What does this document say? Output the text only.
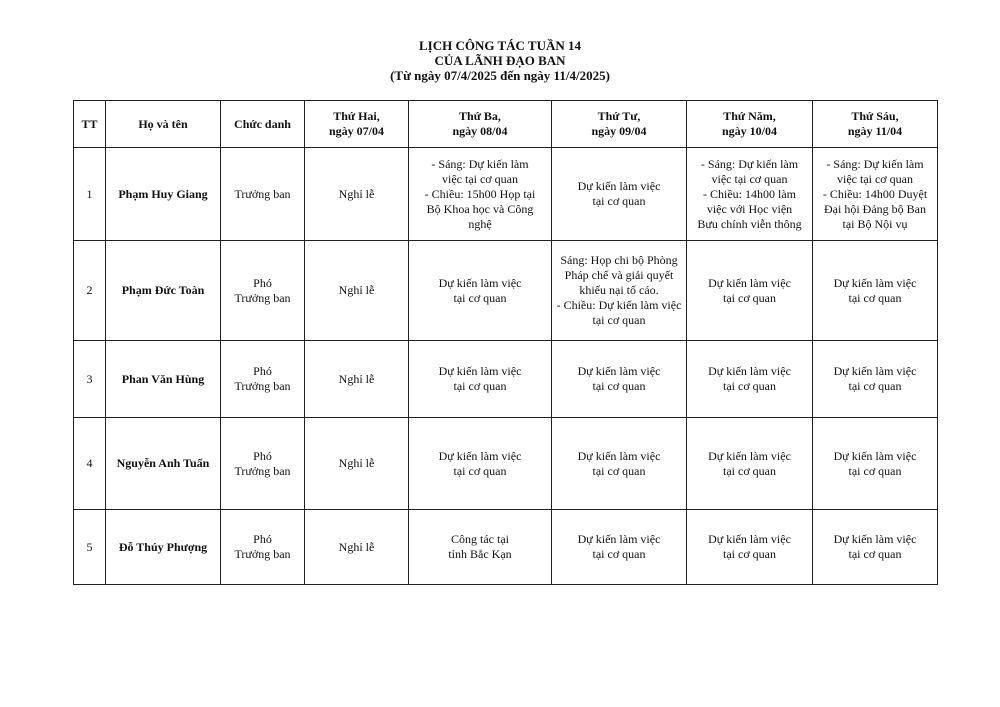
LỊCH CÔNG TÁC TUẦN 14
CỦA LÃNH ĐẠO BAN
(Từ ngày 07/4/2025 đến ngày 11/4/2025)
TT	Họ và tên	Chức danh	Thứ Hai,
ngày 07/04	Thứ Ba,
ngày 08/04	Thứ Tư,
ngày 09/04	Thứ Năm,
ngày 10/04	Thứ Sáu,
ngày 11/04
1	Phạm Huy Giang	Trưởng ban	Nghỉ lễ	- Sáng: Dự kiến làm
việc tại cơ quan
- Chiều: 15h00 Họp tại
Bộ Khoa học và Công
nghệ	Dự kiến làm việc
tại cơ quan	- Sáng: Dự kiến làm
việc tại cơ quan
- Chiều: 14h00 làm
việc với Học viện
Bưu chính viễn thông	- Sáng: Dự kiến làm
việc tại cơ quan
- Chiều: 14h00 Duyệt
Đại hội Đảng bộ Ban
tại Bộ Nội vụ
2	Phạm Đức Toàn	Phó
Trưởng ban	Nghỉ lễ	Dự kiến làm việc
tại cơ quan	Sáng: Họp chi bộ Phòng Pháp chế và giải quyết khiếu nại tố cáo.
- Chiều: Dự kiến làm việc tại cơ quan	Dự kiến làm việc
tại cơ quan	Dự kiến làm việc
tại cơ quan
3	Phan Văn Hùng	Phó
Trưởng ban	Nghỉ lễ	Dự kiến làm việc
tại cơ quan	Dự kiến làm việc
tại cơ quan	Dự kiến làm việc
tại cơ quan	Dự kiến làm việc
tại cơ quan
4	Nguyễn Anh Tuấn	Phó
Trưởng ban	Nghỉ lễ	Dự kiến làm việc
tại cơ quan	Dự kiến làm việc
tại cơ quan	Dự kiến làm việc
tại cơ quan	Dự kiến làm việc
tại cơ quan
5	Đỗ Thúy Phượng	Phó
Trưởng ban	Nghỉ lễ	Công tác tại
tỉnh Bắc Kạn	Dự kiến làm việc
tại cơ quan	Dự kiến làm việc
tại cơ quan	Dự kiến làm việc
tại cơ quan
